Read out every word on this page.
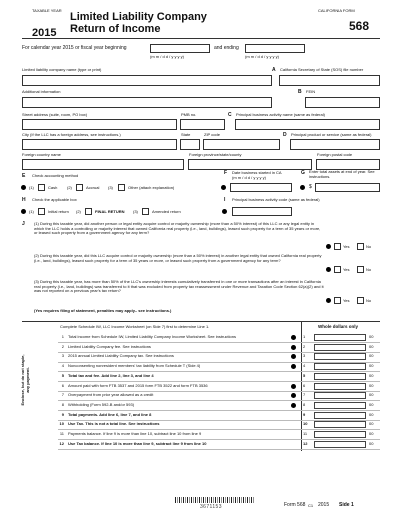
TAXABLE YEAR
2015
Limited Liability Company
Return of Income
CALIFORNIA FORM
568
For calendar year 2015 or fiscal year beginning	and ending
(m m / d d / y y y y)	(m m / d d / y y y y)
Limited liability company name (type or print)	A California Secretary of State (SOS) file number
Additional information	B FEIN
Street address (suite, room, PO box)	PMB no.	C Principal business activity name (same as federal)
City (If the LLC has a foreign address, see instructions.)	State	ZIP code	D Principal product or service (same as federal)
Foreign country name	Foreign province/state/county	Foreign postal code
E Check accounting method	F Date business started in CA
(m m / d d / y y y y)
G Enter total assets at end of year. See instructions.
(1)	Cash (2)	Accrual (3)	Other (attach explanation)	$
H Check the applicable box	I Principal business activity code (same as federal)
(1)	Initial return (2)	FINAL RETURN (3)	Amended return
J (1) During this taxable year, did another person or legal entity acquire control or majority ownership (more than a 50% interest) of this LLC or any legal entity in which the LLC holds a controlling or majority interest that owned California real property (i.e., land, buildings), leased such property for a term of 35 years or more, or leased such property from a government agency for any term?
Yes	No
(2) During this taxable year, did this LLC acquire control or majority ownership (more than a 50% interest) in another legal entity that owned California real property (i.e., land, buildings), leased such property for a term of 35 years or more, or leased such property from a government agency for any term?
Yes	No
(3) During this taxable year, has more than 50% of the LLC's ownership interests cumulatively transferred in one or more transactions after an interest in California real property (i.e., land, buildings) was transferred to it that was excluded from property tax reassessment under Revenue and Taxation Code Section 62(a)(2) and it was not reported on a previous year's tax return?
Yes	No
(Yes requires filing of statement, penalties may apply– see instructions.)
Complete Schedule IW, LLC Income Worksheet (on Side 7) first to determine Line 1.	Whole dollars only
Enclose, but do not staple, any payment.
1 Total income from Schedule IW, Limited Liability Company Income Worksheet. See instructions	1	00
2 Limited Liability Company fee. See instructions	2	00
3 2015 annual Limited Liability Company tax. See instructions	3	00
4 Nonconsenting nonresident members' tax liability from Schedule T (Side 4)	4	00
5 Total tax and fee. Add line 2, line 3, and line 4	5	00
6 Amount paid with form FTB 3537 and 2015 form FTB 3522 and form FTB 3536	6	00
7 Overpayment from prior year allowed as a credit	7	00
8 Withholding (Form 592-B and/or 593)	8	00
9 Total payments. Add line 6, line 7, and line 8	9	00
10 Use Tax. This is not a total line. See instructions	10	00
11 Payments balance. If line 9 is more than line 10, subtract line 10 from line 9	11	00
12 Use Tax balance. If line 10 is more than line 9, subtract line 9 from line 10	12	00
3671153	Form 568 C1 2015 Side 1
